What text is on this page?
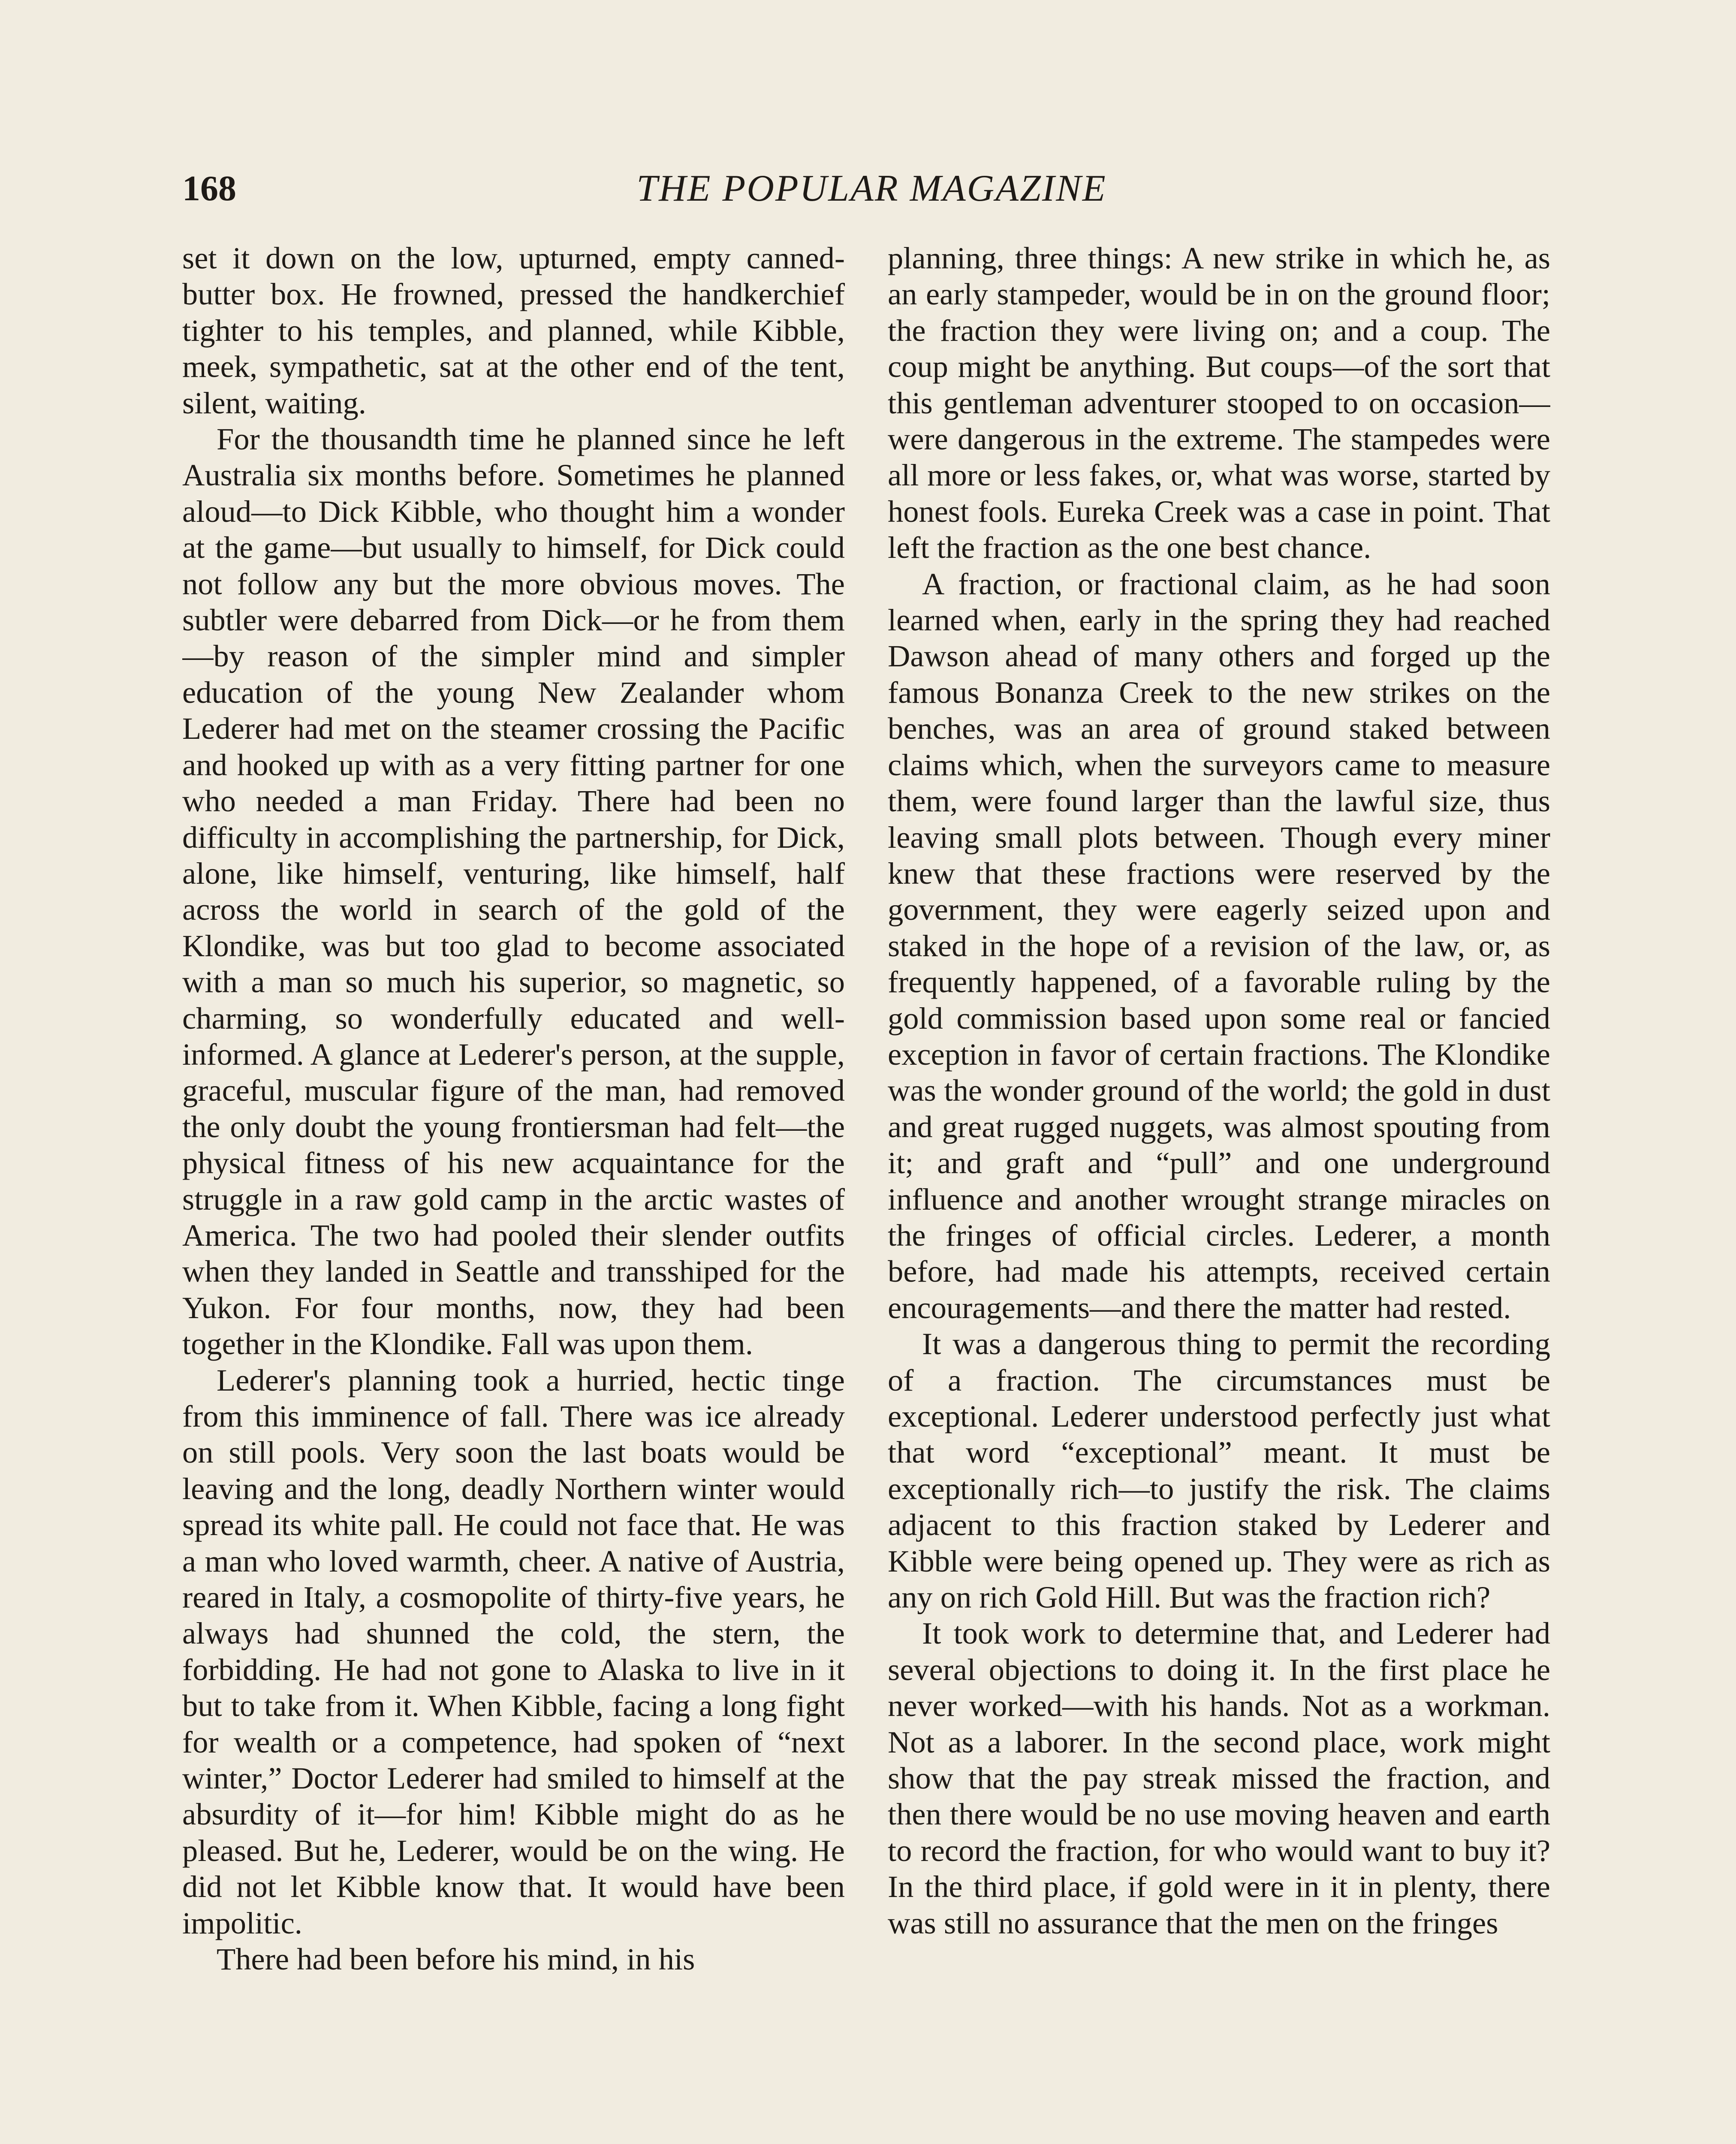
168	THE POPULAR MAGAZINE

set it down on the low, upturned, empty canned-butter box. He frowned, pressed the handkerchief tighter to his temples, and planned, while Kibble, meek, sympathetic, sat at the other end of the tent, silent, waiting.

For the thousandth time he planned since he left Australia six months before. Sometimes he planned aloud—to Dick Kibble, who thought him a wonder at the game—but usually to himself, for Dick could not follow any but the more obvious moves. The subtler were debarred from Dick—or he from them—by reason of the simpler mind and simpler education of the young New Zealander whom Lederer had met on the steamer crossing the Pacific and hooked up with as a very fitting partner for one who needed a man Friday. There had been no difficulty in accomplishing the partnership, for Dick, alone, like himself, venturing, like himself, half across the world in search of the gold of the Klondike, was but too glad to become associated with a man so much his superior, so magnetic, so charming, so wonderfully educated and well-informed. A glance at Lederer's person, at the supple, graceful, muscular figure of the man, had removed the only doubt the young frontiersman had felt—the physical fitness of his new acquaintance for the struggle in a raw gold camp in the arctic wastes of America. The two had pooled their slender outfits when they landed in Seattle and transshiped for the Yukon. For four months, now, they had been together in the Klondike. Fall was upon them.

Lederer's planning took a hurried, hectic tinge from this imminence of fall. There was ice already on still pools. Very soon the last boats would be leaving and the long, deadly Northern winter would spread its white pall. He could not face that. He was a man who loved warmth, cheer. A native of Austria, reared in Italy, a cosmopolite of thirty-five years, he always had shunned the cold, the stern, the forbidding. He had not gone to Alaska to live in it but to take from it. When Kibble, facing a long fight for wealth or a competence, had spoken of “next winter,” Doctor Lederer had smiled to himself at the absurdity of it—for him! Kibble might do as he pleased. But he, Lederer, would be on the wing. He did not let Kibble know that. It would have been impolitic.

There had been before his mind, in his

planning, three things: A new strike in which he, as an early stampeder, would be in on the ground floor; the fraction they were living on; and a coup. The coup might be anything. But coups—of the sort that this gentleman adventurer stooped to on occasion—were dangerous in the extreme. The stampedes were all more or less fakes, or, what was worse, started by honest fools. Eureka Creek was a case in point. That left the fraction as the one best chance.

A fraction, or fractional claim, as he had soon learned when, early in the spring they had reached Dawson ahead of many others and forged up the famous Bonanza Creek to the new strikes on the benches, was an area of ground staked between claims which, when the surveyors came to measure them, were found larger than the lawful size, thus leaving small plots between. Though every miner knew that these fractions were reserved by the government, they were eagerly seized upon and staked in the hope of a revision of the law, or, as frequently happened, of a favorable ruling by the gold commission based upon some real or fancied exception in favor of certain fractions. The Klondike was the wonder ground of the world; the gold in dust and great rugged nuggets, was almost spouting from it; and graft and “pull” and one underground influence and another wrought strange miracles on the fringes of official circles. Lederer, a month before, had made his attempts, received certain encouragements—and there the matter had rested.

It was a dangerous thing to permit the recording of a fraction. The circumstances must be exceptional. Lederer understood perfectly just what that word “exceptional” meant. It must be exceptionally rich—to justify the risk. The claims adjacent to this fraction staked by Lederer and Kibble were being opened up. They were as rich as any on rich Gold Hill. But was the fraction rich?

It took work to determine that, and Lederer had several objections to doing it. In the first place he never worked—with his hands. Not as a workman. Not as a laborer. In the second place, work might show that the pay streak missed the fraction, and then there would be no use moving heaven and earth to record the fraction, for who would want to buy it? In the third place, if gold were in it in plenty, there was still no assurance that the men on the fringes
